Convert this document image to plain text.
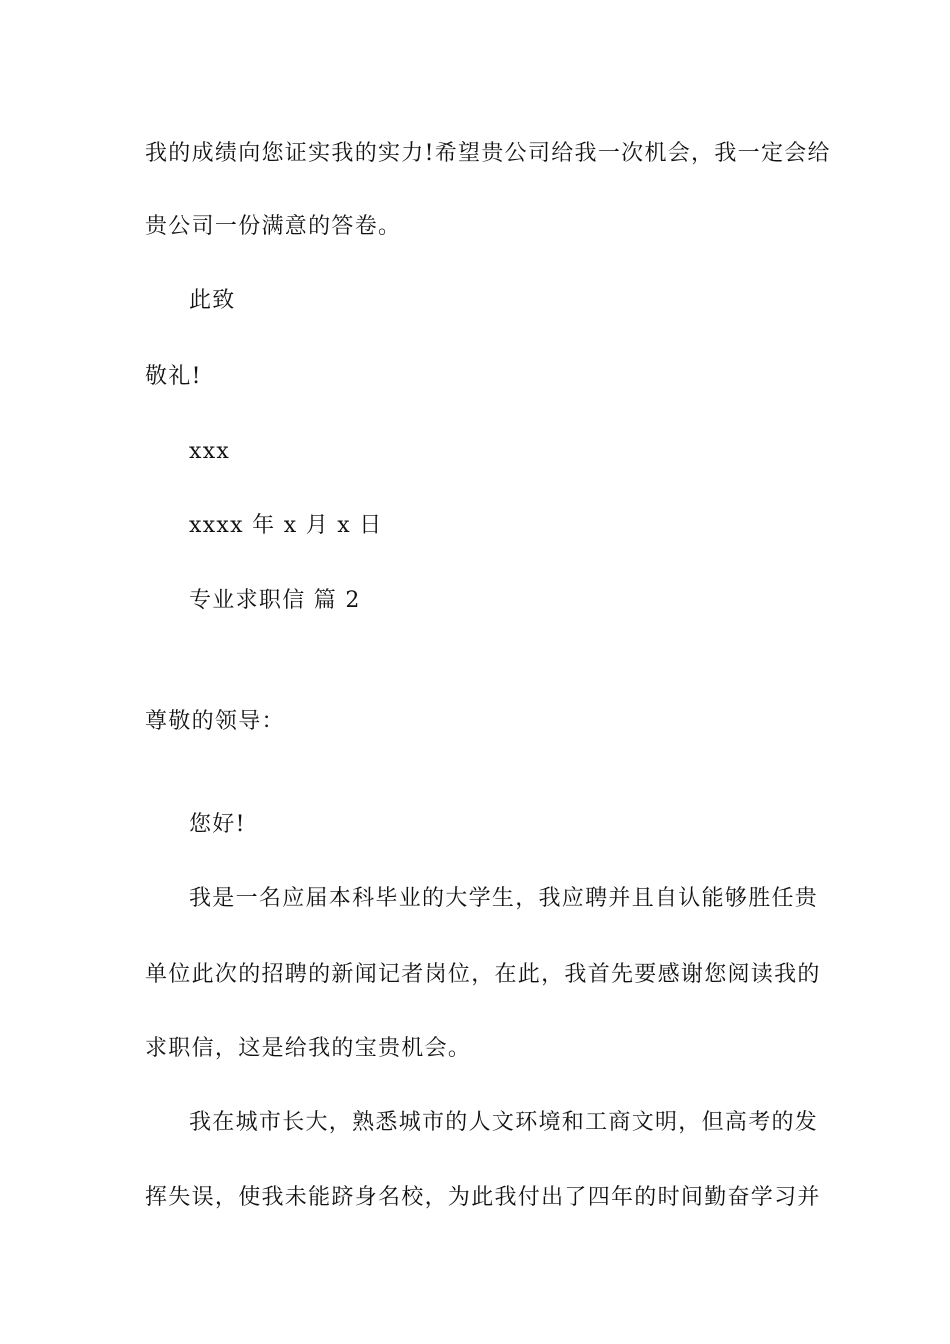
我的成绩向您证实我的实力!希望贵公司给我一次机会，我一定会给
贵公司一份满意的答卷。
此致
敬礼!
xxx
xxxx 年 x 月 x 日
专业求职信 篇 2
尊敬的领导：
您好!
我是一名应届本科毕业的大学生，我应聘并且自认能够胜任贵
单位此次的招聘的新闻记者岗位，在此，我首先要感谢您阅读我的
求职信，这是给我的宝贵机会。
我在城市长大，熟悉城市的人文环境和工商文明，但高考的发
挥失误，使我未能跻身名校，为此我付出了四年的时间勤奋学习并
